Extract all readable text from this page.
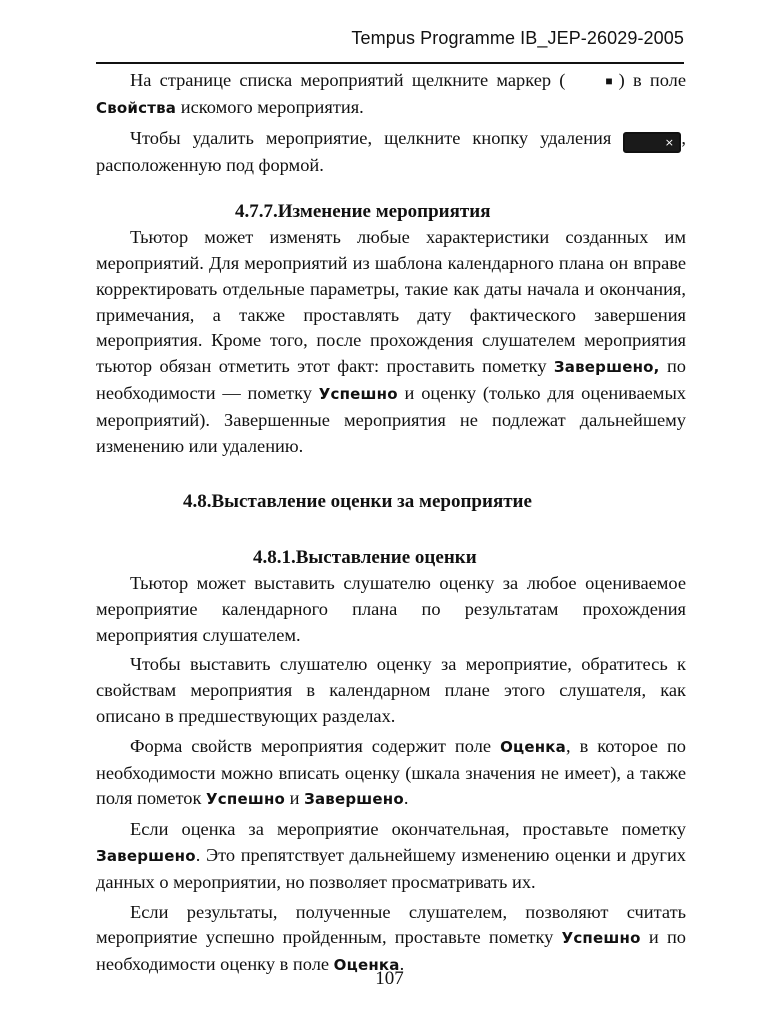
Tempus Programme IB_JEP-26029-2005

На странице списка мероприятий щелкните маркер (	■ ) в поле Свойства искомого мероприятия.

Чтобы удалить мероприятие, щелкните кнопку удаления	× , расположенную под формой.

4.7.7.Изменение мероприятия

Тьютор может изменять любые характеристики созданных им мероприятий. Для мероприятий из шаблона календарного плана он вправе корректировать отдельные параметры, такие как даты начала и окончания, примечания, а также проставлять дату фактического завершения мероприятия. Кроме того, после прохождения слушателем мероприятия тьютор обязан отметить этот факт: проставить пометку Завершено, по необходимости — пометку Успешно и оценку (только для оцениваемых мероприятий). Завершенные мероприятия не подлежат дальнейшему изменению или удалению.

4.8.Выставление оценки за мероприятие
4.8.1.Выставление оценки

Тьютор может выставить слушателю оценку за любое оцениваемое мероприятие календарного плана по результатам прохождения мероприятия слушателем.

Чтобы выставить слушателю оценку за мероприятие, обратитесь к свойствам мероприятия в календарном плане этого слушателя, как описано в предшествующих разделах.

Форма свойств мероприятия содержит поле Оценка, в которое по необходимости можно вписать оценку (шкала значения не имеет), а также поля пометок Успешно и Завершено.

Если оценка за мероприятие окончательная, проставьте пометку Завершено. Это препятствует дальнейшему изменению оценки и других данных о мероприятии, но позволяет просматривать их.

Если результаты, полученные слушателем, позволяют считать мероприятие успешно пройденным, проставьте пометку Успешно и по необходимости оценку в поле Оценка.

107
